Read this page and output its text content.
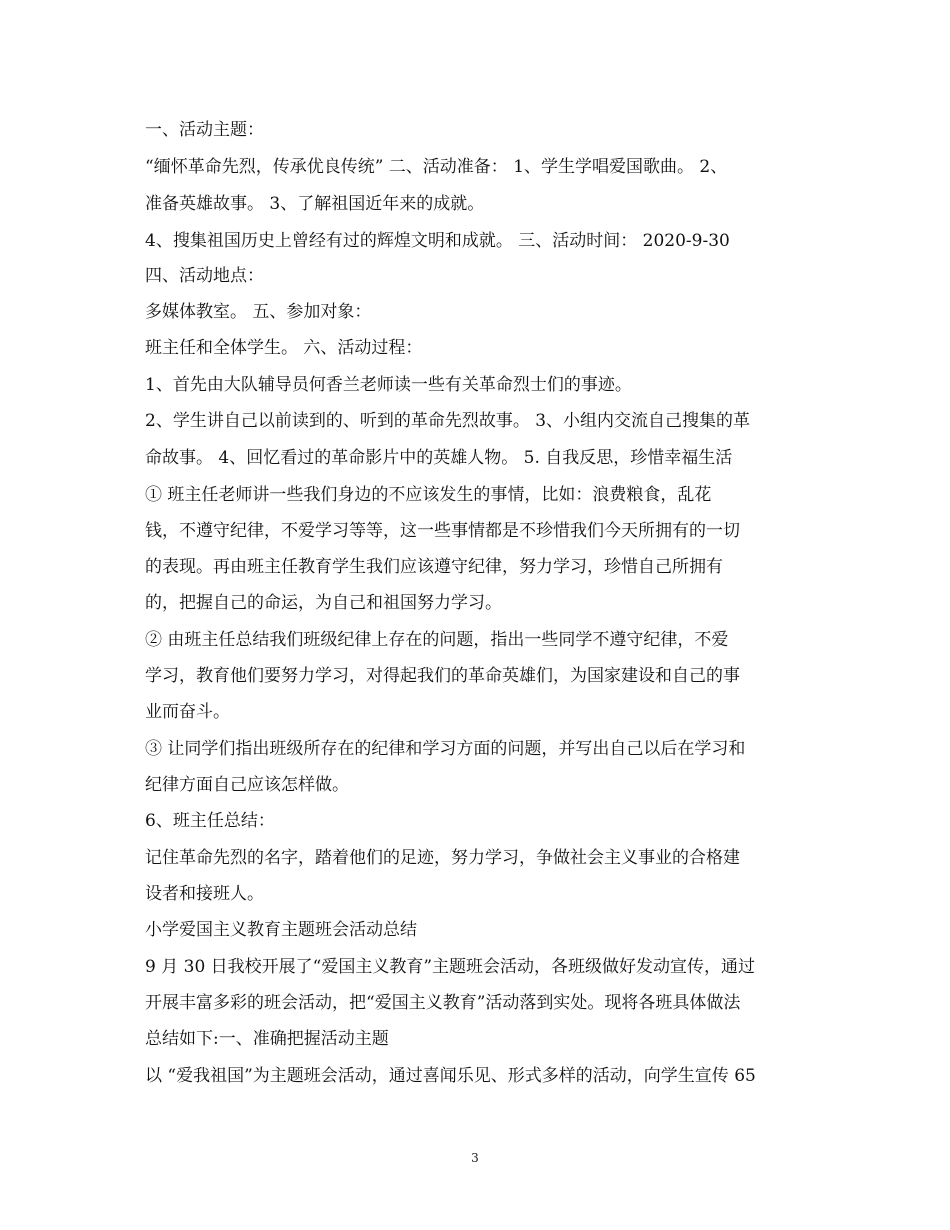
一、活动主题：
“缅怀革命先烈，传承优良传统” 二、活动准备： 1、学生学唱爱国歌曲。 2、
准备英雄故事。 3、了解祖国近年来的成就。
4、搜集祖国历史上曾经有过的辉煌文明和成就。 三、活动时间： 2020-9-30
四、活动地点：
多媒体教室。 五、参加对象：
班主任和全体学生。 六、活动过程：
1、首先由大队辅导员何香兰老师读一些有关革命烈士们的事迹。
2、学生讲自己以前读到的、听到的革命先烈故事。 3、小组内交流自己搜集的革
命故事。 4、回忆看过的革命影片中的英雄人物。 5. 自我反思，珍惜幸福生活
① 班主任老师讲一些我们身边的不应该发生的事情，比如：浪费粮食，乱花
钱，不遵守纪律，不爱学习等等，这一些事情都是不珍惜我们今天所拥有的一切
的表现。再由班主任教育学生我们应该遵守纪律，努力学习，珍惜自己所拥有
的，把握自己的命运，为自己和祖国努力学习。
② 由班主任总结我们班级纪律上存在的问题，指出一些同学不遵守纪律，不爱
学习，教育他们要努力学习，对得起我们的革命英雄们，为国家建设和自己的事
业而奋斗。
③ 让同学们指出班级所存在的纪律和学习方面的问题，并写出自己以后在学习和
纪律方面自己应该怎样做。
6、班主任总结：
记住革命先烈的名字，踏着他们的足迹，努力学习，争做社会主义事业的合格建
设者和接班人。
小学爱国主义教育主题班会活动总结
9 月 30 日我校开展了“爱国主义教育”主题班会活动，各班级做好发动宣传，通过
开展丰富多彩的班会活动，把“爱国主义教育”活动落到实处。现将各班具体做法
总结如下:一、准确把握活动主题
以 “爱我祖国”为主题班会活动，通过喜闻乐见、形式多样的活动，向学生宣传 65
3
